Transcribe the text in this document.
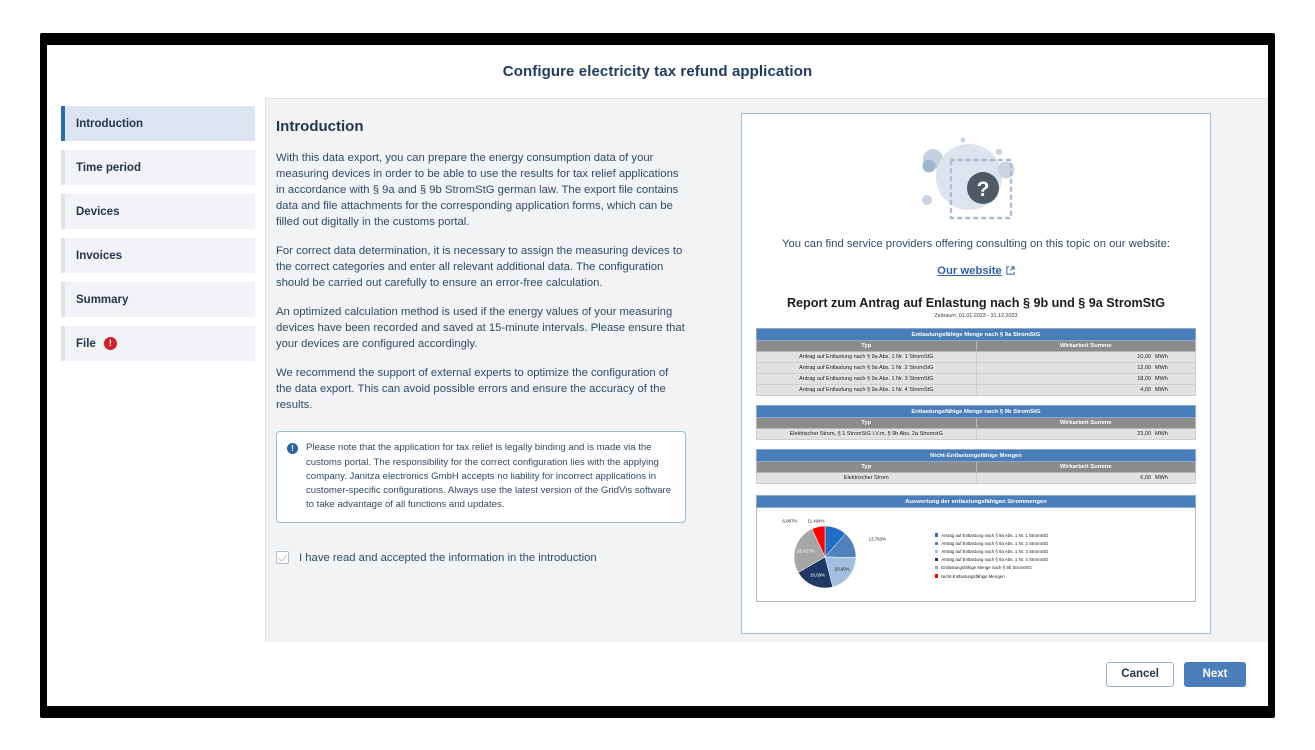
Configure electricity tax refund application
Introduction
Time period
Devices
Invoices
Summary
File	!
Introduction

With this data export, you can prepare the energy consumption data of your measuring devices in order to be able to use the results for tax relief applications in accordance with § 9a and § 9b StromStG german law. The export file contains data and file attachments for the corresponding application forms, which can be filled out digitally in the customs portal.

For correct data determination, it is necessary to assign the measuring devices to the correct categories and enter all relevant additional data. The configuration should be carried out carefully to ensure an error-free calculation.

An optimized calculation method is used if the energy values of your measuring devices have been recorded and saved at 15-minute intervals. Please ensure that your devices are configured accordingly.

We recommend the support of external experts to optimize the configuration of the data export. This can avoid possible errors and ensure the accuracy of the results.

!	Please note that the application for tax relief is legally binding and is made via the customs portal. The responsibility for the correct configuration lies with the applying company. Janitza electronics GmbH accepts no liability for incorrect applications in customer-specific configurations. Always use the latest version of the GridVis software to take advantage of all functions and updates.
I have read and accepted the information in the introduction
?
You can find service providers offering consulting on this topic on our website:
Our website
Report zum Antrag auf Enlastung nach § 9b und § 9a StromStG
Zeitraum: 01.01.2023 - 31.12.2023
Entlastungsfähige Menge nach § 9a StromStG	
Typ	Wirkarbeit Summe
Antrag auf Entlastung nach § 9a Abs. 1 Nr. 1 StromStG	10,00 MWh
Antrag auf Entlastung nach § 9a Abs. 1 Nr. 2 StromStG	12,00 MWh
Antrag auf Entlastung nach § 9a Abs. 1 Nr. 3 StromStG	18,00 MWh
Antrag auf Entlastung nach § 9a Abs. 1 Nr. 4 StromStG	4,00 MWh
Entlastungsfähige Menge nach § 9b StromStG	
Typ	Wirkarbeit Summe
Elektrischer Strom, § 1 StromStG i.V.m. § 9b Abs. 2a StromstG	23,00 MWh
Nicht-Entlastungsfähige Mengen	
Typ	Wirkarbeit Summe
Elektrischer Strom	6,00 MWh
Auswertung der entlastungsfähigen Strommengen
11,494%
13,793%
20,69%
20,69%
26,437%
6,897%
Antrag auf Entlastung nach § 9a Abs. 1 Nr. 1 StromStG
Antrag auf Entlastung nach § 9a Abs. 1 Nr. 2 StromStG
Antrag auf Entlastung nach § 9a Abs. 1 Nr. 3 StromStG
Antrag auf Entlastung nach § 9a Abs. 1 Nr. 4 StromStG
Entlastungsfähige Menge nach § 9b StromStG
Nicht-Entlastungsfähige Mengen
Cancel	Next
